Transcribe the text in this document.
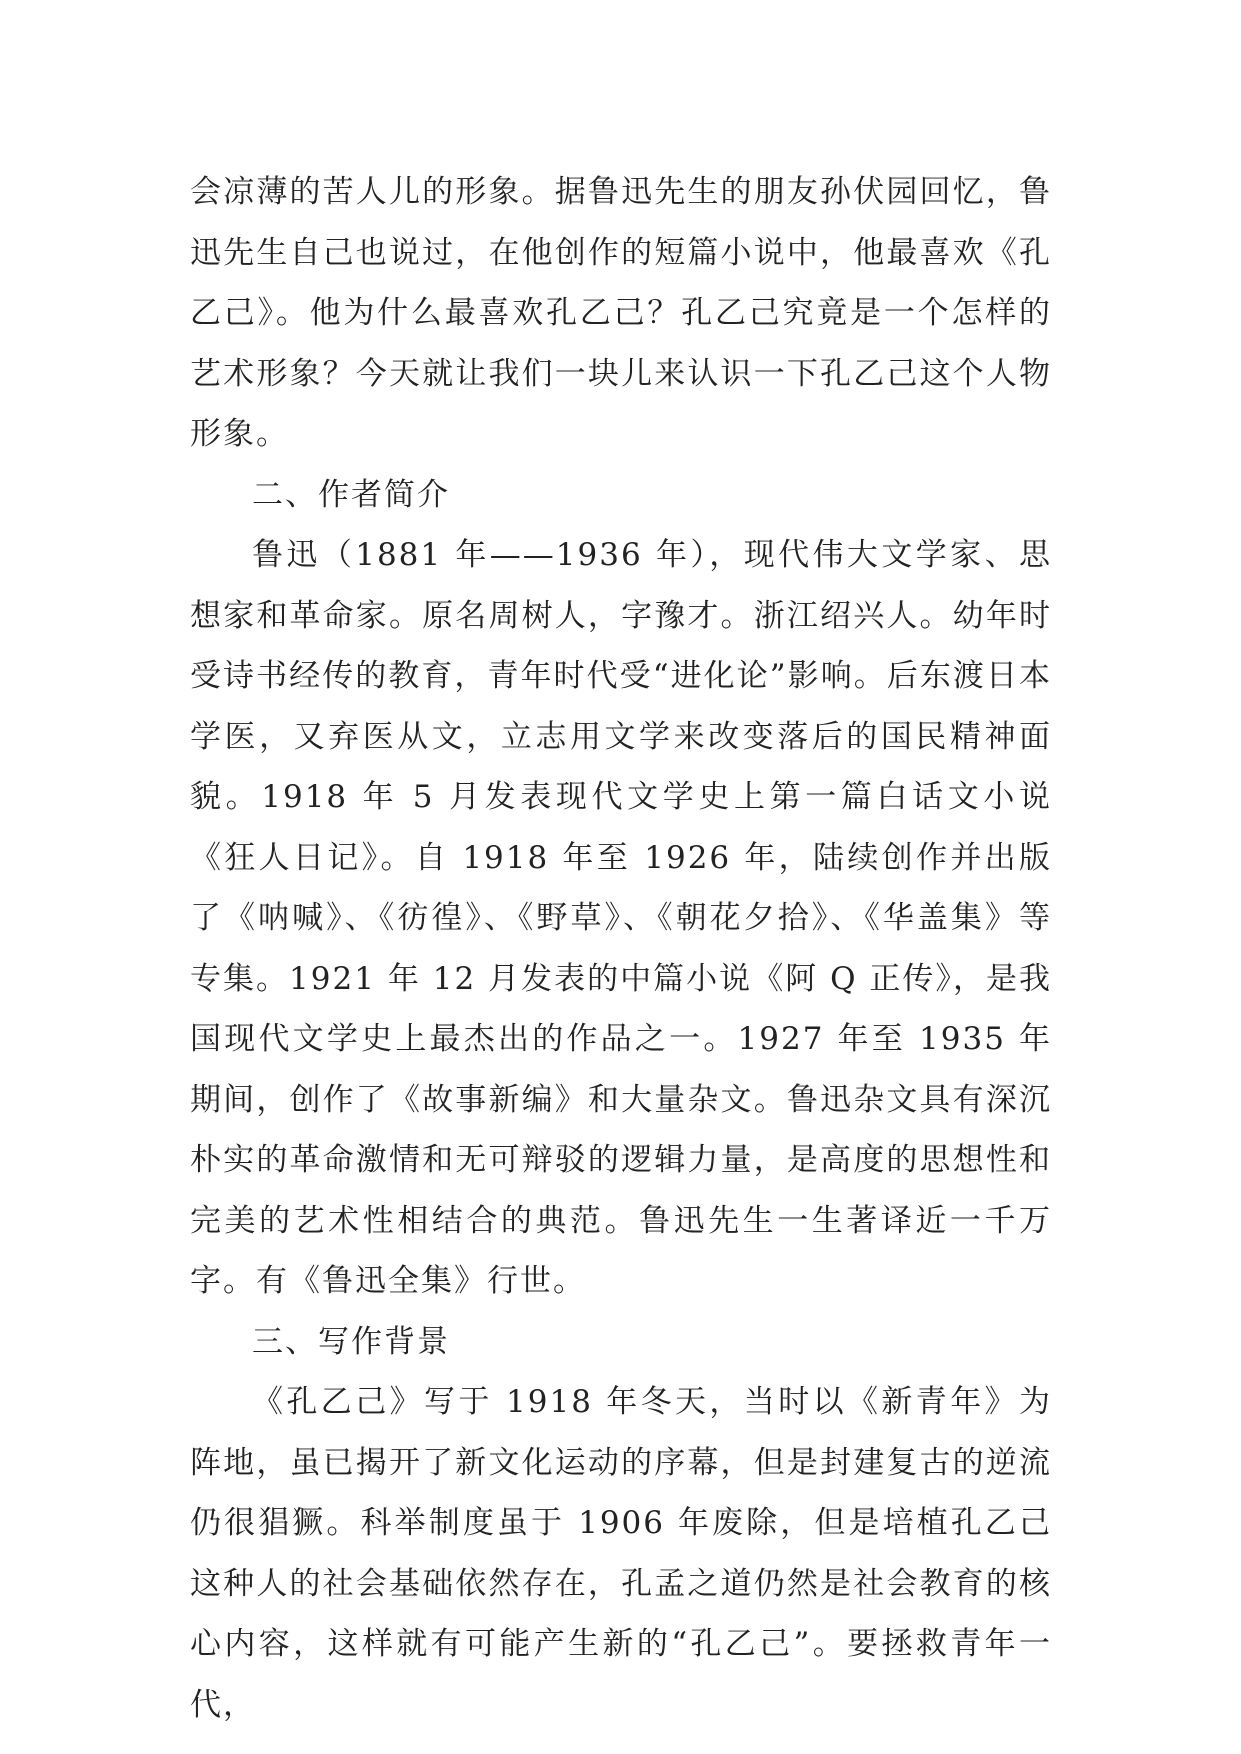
会凉薄的苦人儿的形象。据鲁迅先生的朋友孙伏园回忆，鲁迅先生自己也说过，在他创作的短篇小说中，他最喜欢《孔乙己》。他为什么最喜欢孔乙己？孔乙己究竟是一个怎样的艺术形象？今天就让我们一块儿来认识一下孔乙己这个人物形象。

二、作者简介

鲁迅（1881 年——1936 年），现代伟大文学家、思想家和革命家。原名周树人，字豫才。浙江绍兴人。幼年时受诗书经传的教育，青年时代受“进化论”影响。后东渡日本学医，又弃医从文，立志用文学来改变落后的国民精神面貌。1918 年 5 月发表现代文学史上第一篇白话文小说《狂人日记》。自 1918 年至 1926 年，陆续创作并出版了《呐喊》、《彷徨》、《野草》、《朝花夕拾》、《华盖集》等专集。1921 年 12 月发表的中篇小说《阿 Q 正传》，是我国现代文学史上最杰出的作品之一。1927 年至 1935 年期间，创作了《故事新编》和大量杂文。鲁迅杂文具有深沉朴实的革命激情和无可辩驳的逻辑力量，是高度的思想性和完美的艺术性相结合的典范。鲁迅先生一生著译近一千万字。有《鲁迅全集》行世。

三、写作背景

《孔乙己》写于 1918 年冬天，当时以《新青年》为阵地，虽已揭开了新文化运动的序幕，但是封建复古的逆流仍很猖獗。科举制度虽于 1906 年废除，但是培植孔乙己这种人的社会基础依然存在，孔孟之道仍然是社会教育的核心内容，这样就有可能产生新的“孔乙己”。要拯救青年一代，
